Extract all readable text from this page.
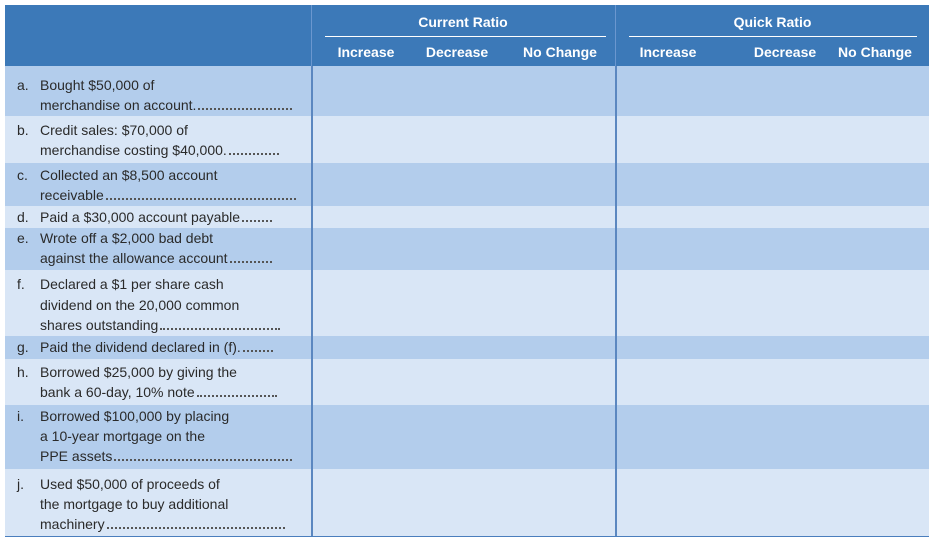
Current Ratio	Quick Ratio
Increase	Decrease	No Change	Increase	Decrease	No Change
a. Bought $50,000 of
merchandise on account.
b. Credit sales: $70,000 of
merchandise costing $40,000.
c. Collected an $8,500 account
receivable
d. Paid a $30,000 account payable
e. Wrote off a $2,000 bad debt
against the allowance account
f. Declared a $1 per share cash
dividend on the 20,000 common
shares outstanding
g. Paid the dividend declared in (f).
h. Borrowed $25,000 by giving the
bank a 60-day, 10% note
i. Borrowed $100,000 by placing
a 10-year mortgage on the
PPE assets
j. Used $50,000 of proceeds of
the mortgage to buy additional
machinery
